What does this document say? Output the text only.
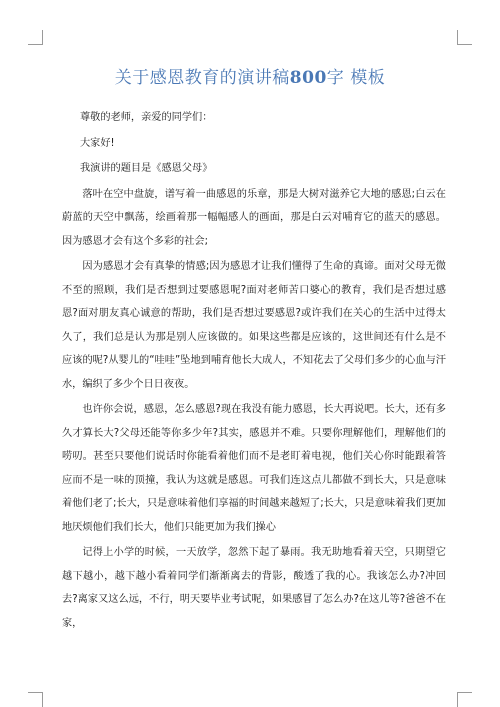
关于感恩教育的演讲稿800字 模板

尊敬的老师，亲爱的同学们：

大家好!

我演讲的题目是《感恩父母》

落叶在空中盘旋，谱写着一曲感恩的乐章，那是大树对滋养它大地的感恩;白云在蔚蓝的天空中飘荡，绘画着那一幅幅感人的画面，那是白云对哺育它的蓝天的感恩。因为感恩才会有这个多彩的社会;

因为感恩才会有真挚的情感;因为感恩才让我们懂得了生命的真谛。面对父母无微不至的照顾，我们是否想到过要感恩呢?面对老师苦口婆心的教育，我们是否想过感恩?面对朋友真心诚意的帮助，我们是否想过要感恩?或许我们在关心的生活中过得太久了，我们总是认为那是别人应该做的。如果这些都是应该的，这世间还有什么是不应该的呢?从婴儿的“哇哇”坠地到哺育他长大成人，不知花去了父母们多少的心血与汗水，编织了多少个日日夜夜。

也许你会说，感恩，怎么感恩?现在我没有能力感恩，长大再说吧。长大，还有多久才算长大?父母还能等你多少年?其实，感恩并不难。只要你理解他们，理解他们的唠叨。甚至只要他们说话时你能看着他们而不是老盯着电视，他们关心你时能跟着答应而不是一味的顶撞，我认为这就是感恩。可我们连这点儿都做不到长大，只是意味着他们老了;长大，只是意味着他们享福的时间越来越短了;长大，只是意味着我们更加地厌烦他们我们长大，他们只能更加为我们操心

记得上小学的时候，一天放学，忽然下起了暴雨。我无助地看着天空，只期望它越下越小，越下越小看着同学们渐渐离去的背影，酸透了我的心。我该怎么办?冲回去?离家又这么远，不行，明天要毕业考试呢，如果感冒了怎么办?在这儿等?爸爸不在家，
